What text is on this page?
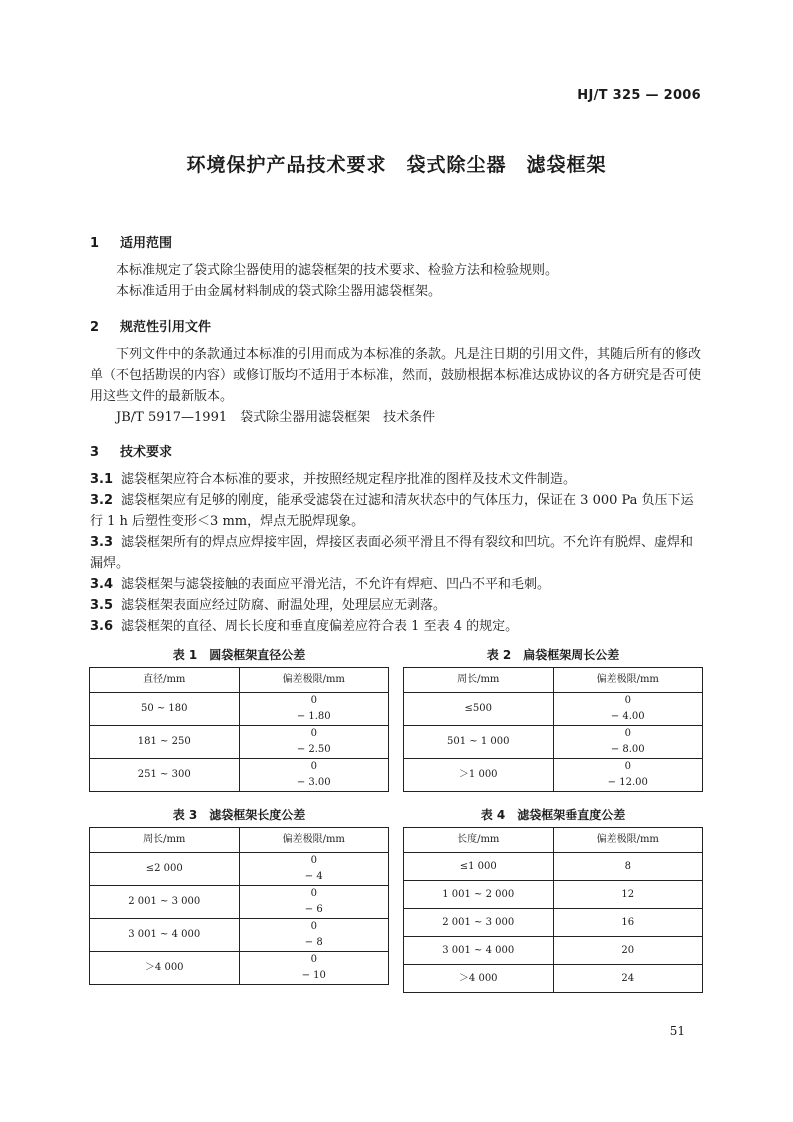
HJ/T 325 — 2006
环境保护产品技术要求　袋式除尘器　滤袋框架
1 适用范围
本标准规定了袋式除尘器使用的滤袋框架的技术要求、检验方法和检验规则。
本标准适用于由金属材料制成的袋式除尘器用滤袋框架。
2 规范性引用文件
下列文件中的条款通过本标准的引用而成为本标准的条款。凡是注日期的引用文件，其随后所有的修改单（不包括勘误的内容）或修订版均不适用于本标准，然而，鼓励根据本标准达成协议的各方研究是否可使用这些文件的最新版本。
JB/T 5917—1991　袋式除尘器用滤袋框架　技术条件
3 技术要求
3.1 滤袋框架应符合本标准的要求，并按照经规定程序批准的图样及技术文件制造。
3.2 滤袋框架应有足够的刚度，能承受滤袋在过滤和清灰状态中的气体压力，保证在 3 000 Pa 负压下运行 1 h 后塑性变形＜3 mm，焊点无脱焊现象。
3.3 滤袋框架所有的焊点应焊接牢固，焊接区表面必须平滑且不得有裂纹和凹坑。不允许有脱焊、虚焊和漏焊。
3.4 滤袋框架与滤袋接触的表面应平滑光洁，不允许有焊疤、凹凸不平和毛刺。
3.5 滤袋框架表面应经过防腐、耐温处理，处理层应无剥落。
3.6 滤袋框架的直径、周长长度和垂直度偏差应符合表 1 至表 4 的规定。
表 1　圆袋框架直径公差
直径/mm	偏差极限/mm
50 ~ 180	0
− 1.80

181 ~ 250	0
− 2.50

251 ~ 300	0
− 3.00
表 2　扁袋框架周长公差
周长/mm	偏差极限/mm
≤500	0
− 4.00

501 ~ 1 000	0
− 8.00

＞1 000	0
− 12.00
表 3　滤袋框架长度公差
周长/mm	偏差极限/mm
≤2 000	0
− 4

2 001 ~ 3 000	0
− 6

3 001 ~ 4 000	0
− 8

＞4 000	0
− 10
表 4　滤袋框架垂直度公差
长度/mm	偏差极限/mm
≤1 000	8
1 001 ~ 2 000	12
2 001 ~ 3 000	16
3 001 ~ 4 000	20
＞4 000	24
51
